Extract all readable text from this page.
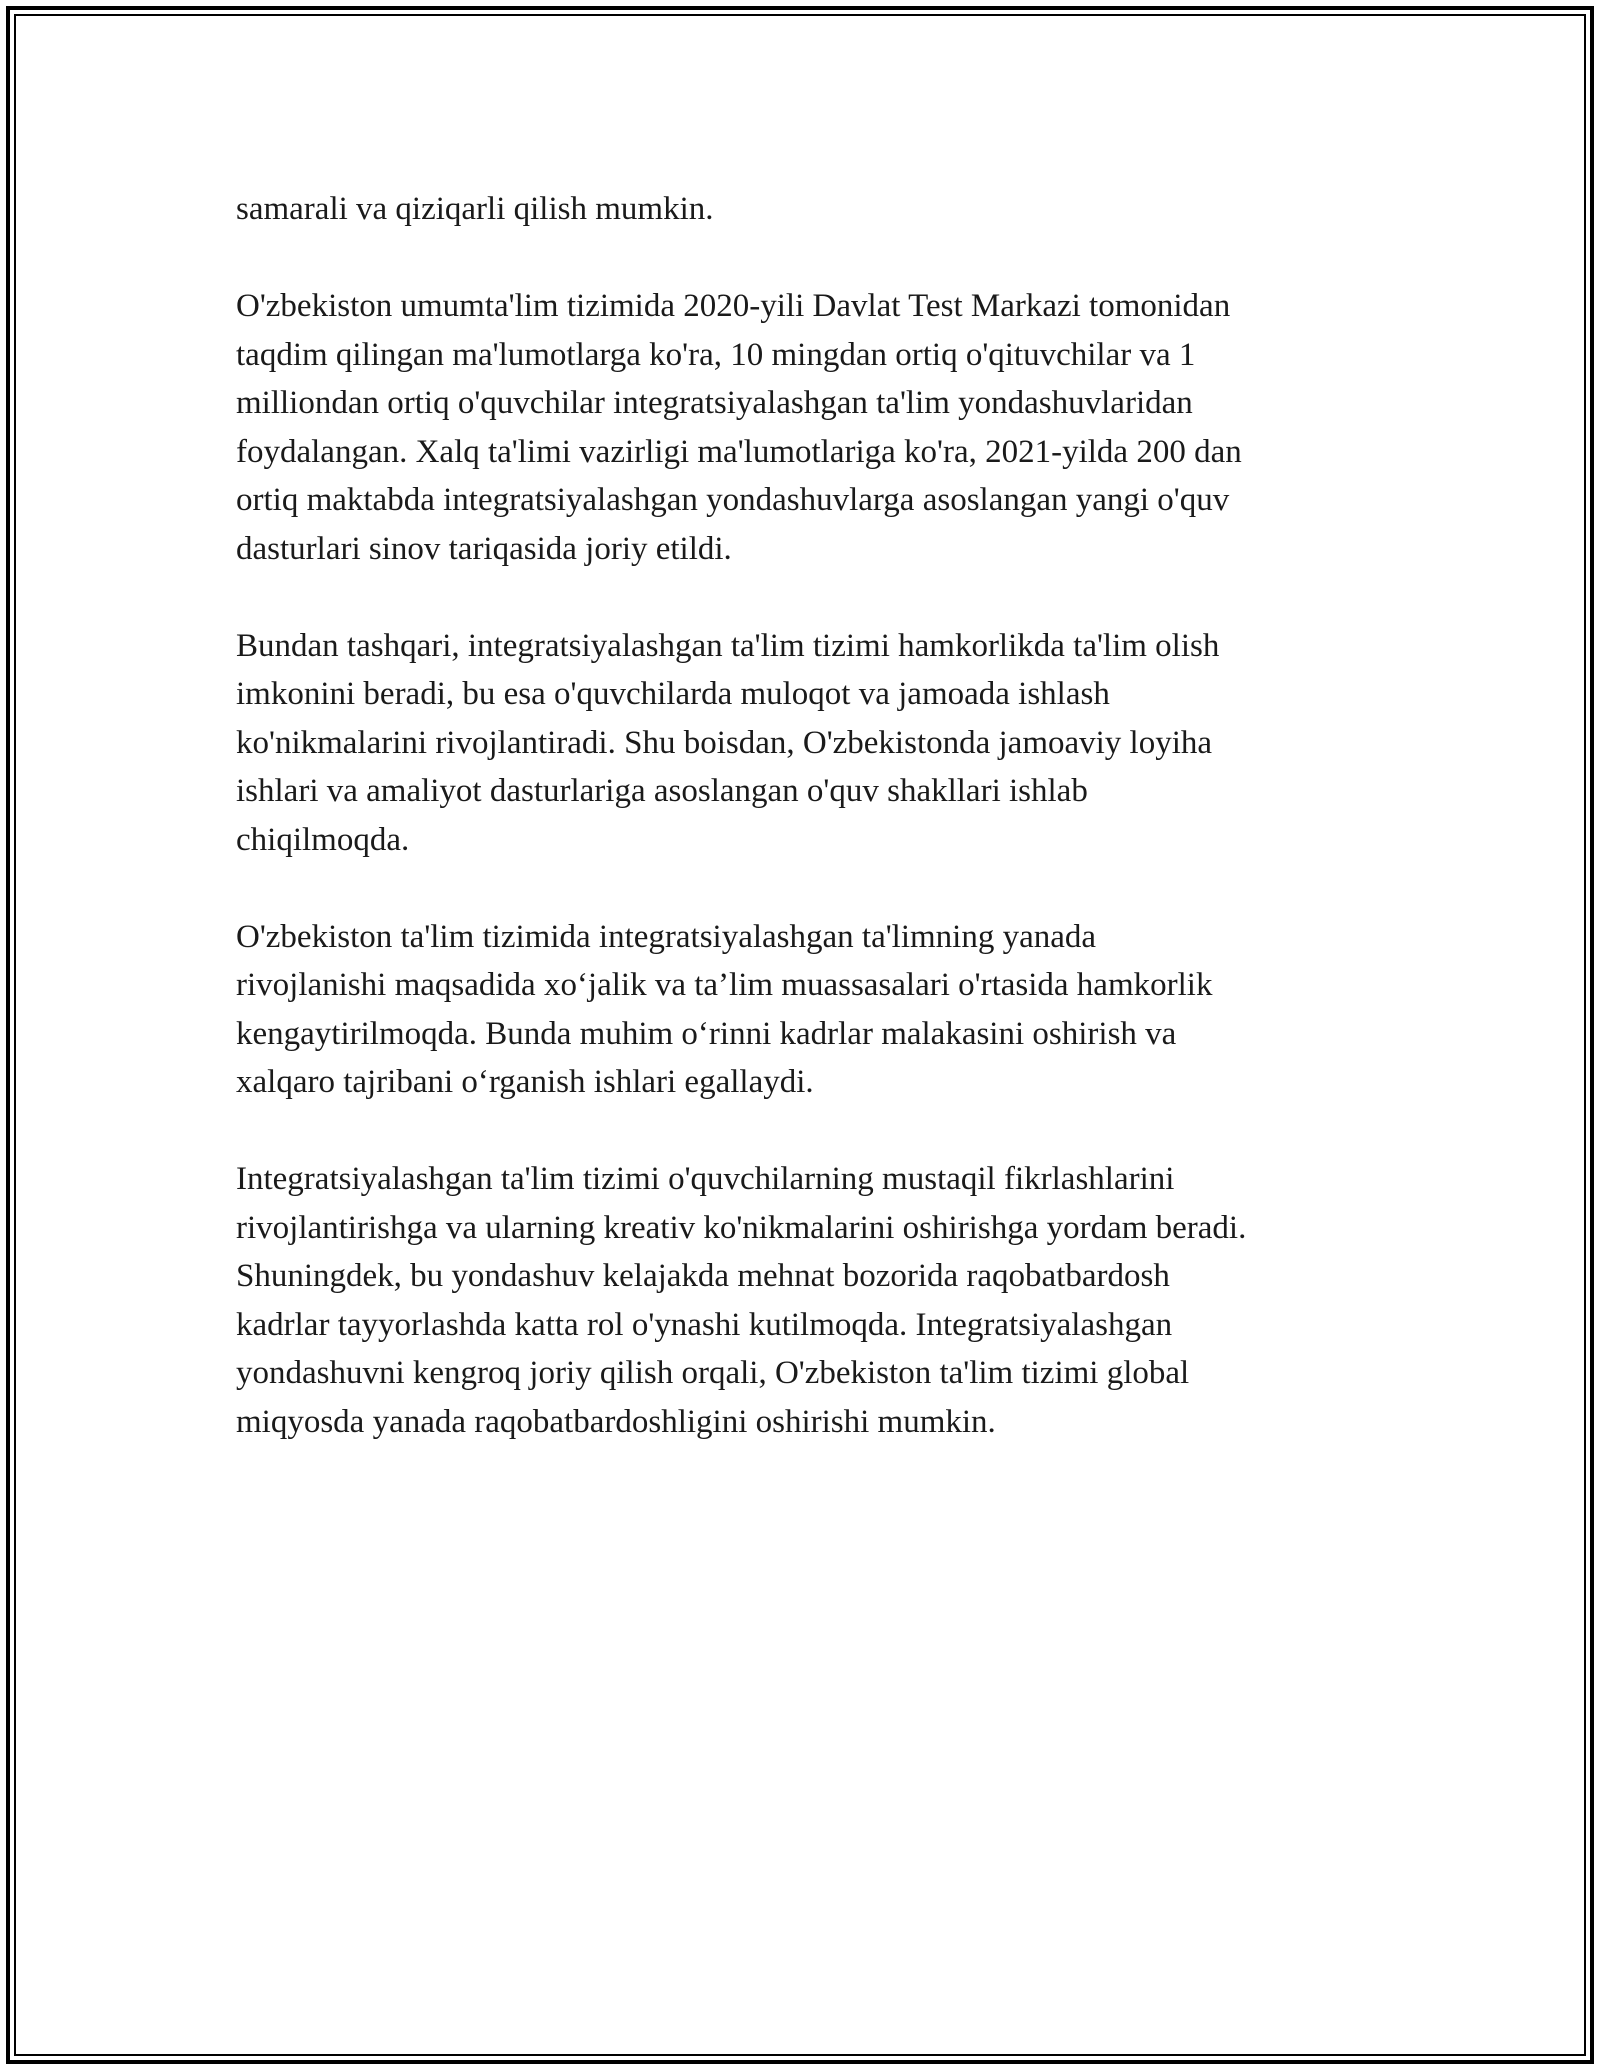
samarali va qiziqarli qilish mumkin.

O'zbekiston umumta'lim tizimida 2020-yili Davlat Test Markazi tomonidan
taqdim qilingan ma'lumotlarga ko'ra, 10 mingdan ortiq o'qituvchilar va 1
milliondan ortiq o'quvchilar integratsiyalashgan ta'lim yondashuvlaridan
foydalangan. Xalq ta'limi vazirligi ma'lumotlariga ko'ra, 2021-yilda 200 dan
ortiq maktabda integratsiyalashgan yondashuvlarga asoslangan yangi o'quv
dasturlari sinov tariqasida joriy etildi.

Bundan tashqari, integratsiyalashgan ta'lim tizimi hamkorlikda ta'lim olish
imkonini beradi, bu esa o'quvchilarda muloqot va jamoada ishlash
ko'nikmalarini rivojlantiradi. Shu boisdan, O'zbekistonda jamoaviy loyiha
ishlari va amaliyot dasturlariga asoslangan o'quv shakllari ishlab
chiqilmoqda.

O'zbekiston ta'lim tizimida integratsiyalashgan ta'limning yanada
rivojlanishi maqsadida xo‘jalik va ta’lim muassasalari o'rtasida hamkorlik
kengaytirilmoqda. Bunda muhim o‘rinni kadrlar malakasini oshirish va
xalqaro tajribani o‘rganish ishlari egallaydi.

Integratsiyalashgan ta'lim tizimi o'quvchilarning mustaqil fikrlashlarini
rivojlantirishga va ularning kreativ ko'nikmalarini oshirishga yordam beradi.
Shuningdek, bu yondashuv kelajakda mehnat bozorida raqobatbardosh
kadrlar tayyorlashda katta rol o'ynashi kutilmoqda. Integratsiyalashgan
yondashuvni kengroq joriy qilish orqali, O'zbekiston ta'lim tizimi global
miqyosda yanada raqobatbardoshligini oshirishi mumkin.
